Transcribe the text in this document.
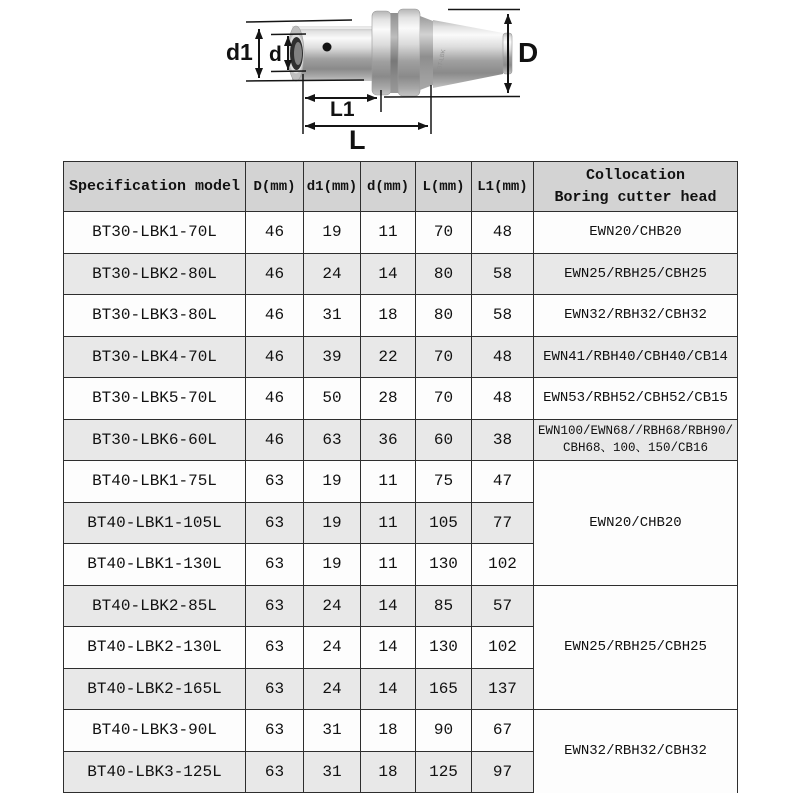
BT-LBK
d1 d
L1
L
D
Specification model	D(mm)	d1(mm)	d(mm)	L(mm)	L1(mm)	Collocation
Boring cutter head

BT30-LBK1-70L	46	19	11	70	48	EWN20/CHB20

BT30-LBK2-80L	46	24	14	80	58	EWN25/RBH25/CBH25

BT30-LBK3-80L	46	31	18	80	58	EWN32/RBH32/CBH32

BT30-LBK4-70L	46	39	22	70	48	EWN41/RBH40/CBH40/CB14

BT30-LBK5-70L	46	50	28	70	48	EWN53/RBH52/CBH52/CB15

BT30-LBK6-60L	46	63	36	60	38	EWN100/EWN68//RBH68/RBH90/
CBH68、100、150/CB16

BT40-LBK1-75L	63	19	11	75	47	EWN20/CHB20

BT40-LBK1-105L	63	19	11	105	77	
BT40-LBK1-130L	63	19	11	130	102	
BT40-LBK2-85L	63	24	14	85	57	EWN25/RBH25/CBH25

BT40-LBK2-130L	63	24	14	130	102	
BT40-LBK2-165L	63	24	14	165	137	
BT40-LBK3-90L	63	31	18	90	67	EWN32/RBH32/CBH32

BT40-LBK3-125L	63	31	18	125	97	
